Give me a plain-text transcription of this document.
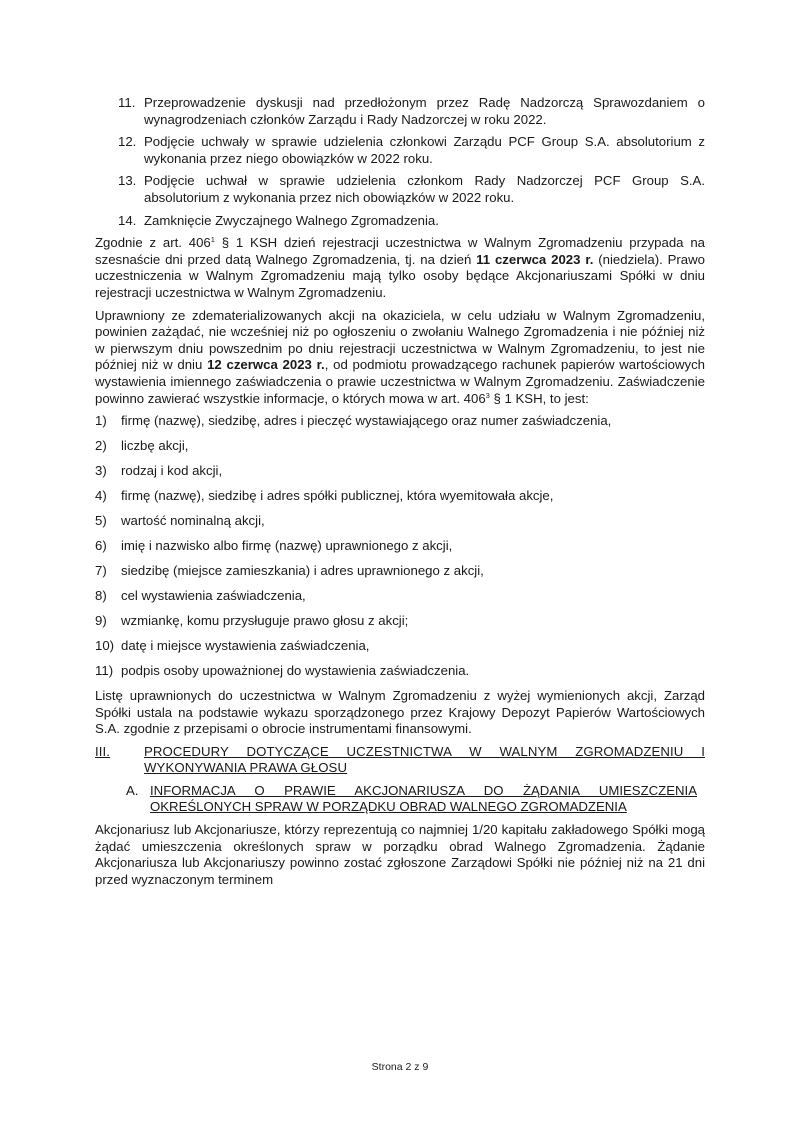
11. Przeprowadzenie dyskusji nad przedłożonym przez Radę Nadzorczą Sprawozdaniem o wynagrodzeniach członków Zarządu i Rady Nadzorczej w roku 2022.
12. Podjęcie uchwały w sprawie udzielenia członkowi Zarządu PCF Group S.A. absolutorium z wykonania przez niego obowiązków w 2022 roku.
13. Podjęcie uchwał w sprawie udzielenia członkom Rady Nadzorczej PCF Group S.A. absolutorium z wykonania przez nich obowiązków w 2022 roku.
14. Zamknięcie Zwyczajnego Walnego Zgromadzenia.

Zgodnie z art. $406^1$ § 1 KSH dzień rejestracji uczestnictwa w Walnym Zgromadzeniu przypada na szesnaście dni przed datą Walnego Zgromadzenia, tj. na dzień 11 czerwca 2023 r. (niedziela). Prawo uczestniczenia w Walnym Zgromadzeniu mają tylko osoby będące Akcjonariuszami Spółki w dniu rejestracji uczestnictwa w Walnym Zgromadzeniu.

Uprawniony ze zdematerializowanych akcji na okaziciela, w celu udziału w Walnym Zgromadzeniu, powinien zażądać, nie wcześniej niż po ogłoszeniu o zwołaniu Walnego Zgromadzenia i nie później niż w pierwszym dniu powszednim po dniu rejestracji uczestnictwa w Walnym Zgromadzeniu, to jest nie później niż w dniu 12 czerwca 2023 r., od podmiotu prowadzącego rachunek papierów wartościowych wystawienia imiennego zaświadczenia o prawie uczestnictwa w Walnym Zgromadzeniu. Zaświadczenie powinno zawierać wszystkie informacje, o których mowa w art. $406^3$ § 1 KSH, to jest:

1) firmę (nazwę), siedzibę, adres i pieczęć wystawiającego oraz numer zaświadczenia,
2) liczbę akcji,
3) rodzaj i kod akcji,
4) firmę (nazwę), siedzibę i adres spółki publicznej, która wyemitowała akcje,
5) wartość nominalną akcji,
6) imię i nazwisko albo firmę (nazwę) uprawnionego z akcji,
7) siedzibę (miejsce zamieszkania) i adres uprawnionego z akcji,
8) cel wystawienia zaświadczenia,
9) wzmiankę, komu przysługuje prawo głosu z akcji;
10) datę i miejsce wystawienia zaświadczenia,
11) podpis osoby upoważnionej do wystawienia zaświadczenia.

Listę uprawnionych do uczestnictwa w Walnym Zgromadzeniu z wyżej wymienionych akcji, Zarząd Spółki ustala na podstawie wykazu sporządzonego przez Krajowy Depozyt Papierów Wartościowych S.A. zgodnie z przepisami o obrocie instrumentami finansowymi.

III.	PROCEDURY DOTYCZĄCE UCZESTNICTWA W WALNYM ZGROMADZENIU I WYKONYWANIA PRAWA GŁOSU
A. INFORMACJA O PRAWIE AKCJONARIUSZA DO ŻĄDANIA UMIESZCZENIA OKREŚLONYCH SPRAW W PORZĄDKU OBRAD WALNEGO ZGROMADZENIA

Akcjonariusz lub Akcjonariusze, którzy reprezentują co najmniej 1/20 kapitału zakładowego Spółki mogą żądać umieszczenia określonych spraw w porządku obrad Walnego Zgromadzenia. Żądanie Akcjonariusza lub Akcjonariuszy powinno zostać zgłoszone Zarządowi Spółki nie później niż na 21 dni przed wyznaczonym terminem

Strona 2 z 9
